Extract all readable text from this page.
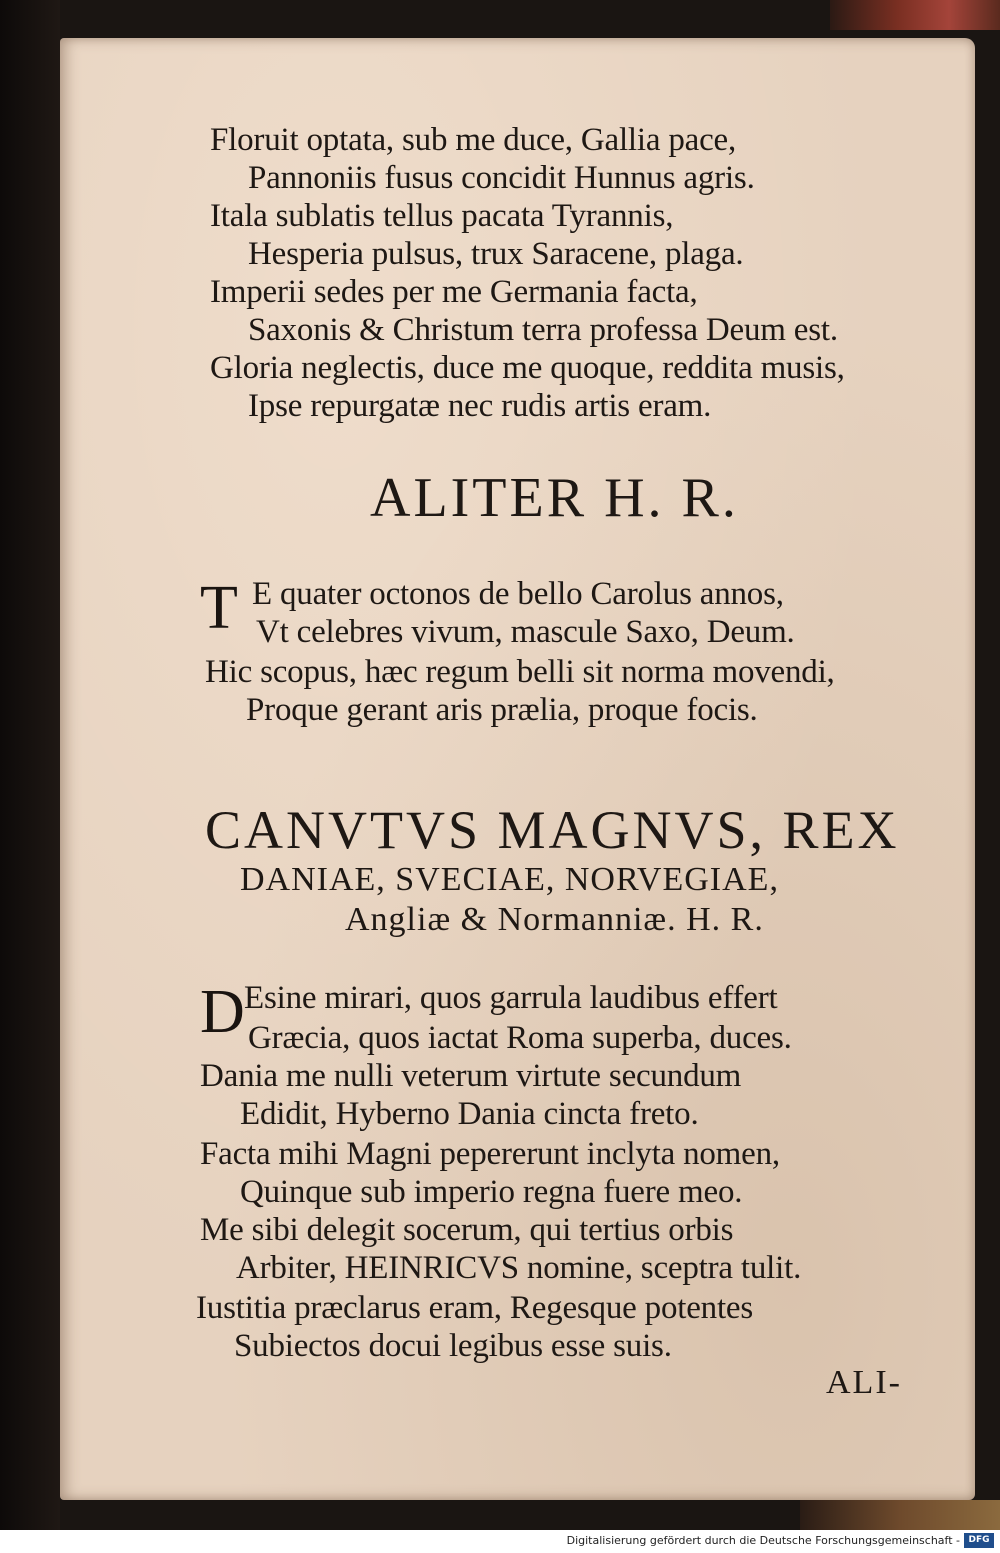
Floruit optata, sub me duce, Gallia pace,
Pannoniis fusus concidit Hunnus agris.
Itala sublatis tellus pacata Tyrannis,
Hesperia pulsus, trux Saracene, plaga.
Imperii sedes per me Germania facta,
Saxonis & Christum terra professa Deum est.
Gloria neglectis, duce me quoque, reddita musis,
Ipse repurgatæ nec rudis artis eram.
ALITER H. R.
T E quater octonos de bello Carolus annos,
Vt celebres vivum, mascule Saxo, Deum.
Hic scopus, hæc regum belli sit norma movendi,
Proque gerant aris prælia, proque focis.
CANVTVS MAGNVS, REX
DANIAE, SVECIAE, NORVEGIAE,
Angliæ & Normanniæ. H. R.
D Esine mirari, quos garrula laudibus effert
Græcia, quos iactat Roma superba, duces.
Dania me nulli veterum virtute secundum
Edidit, Hyberno Dania cincta freto.
Facta mihi Magni pepererunt inclyta nomen,
Quinque sub imperio regna fuere meo.
Me sibi delegit socerum, qui tertius orbis
Arbiter, HEINRICVS nomine, sceptra tulit.
Iustitia præclarus eram, Regesque potentes
Subiectos docui legibus esse suis.
ALI-
Digitalisierung gefördert durch die Deutsche Forschungsgemeinschaft - DFG
